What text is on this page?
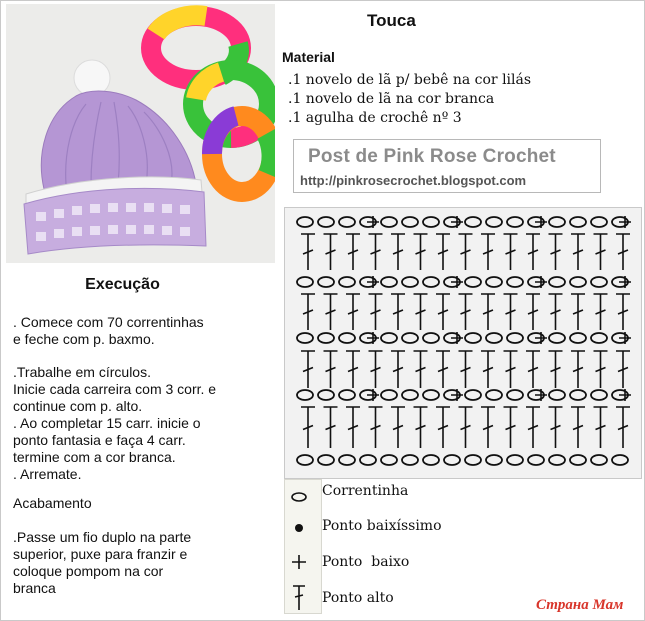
Touca
Material
.1 novelo de lã p/ bebê na cor lilás
.1 novelo de lã na cor branca
.1 agulha de crochê nº 3
Post de Pink Rose Crochet
http://pinkrosecrochet.blogspot.com
Execução
. Comece com 70 correntinhas
e feche com p. baxmo.
.Trabalhe em círculos.
Inicie cada carreira com 3 corr. e
continue com p. alto.
. Ao completar 15 carr. inicie o
ponto fantasia e faça 4 carr.
termine com a cor branca.
. Arremate.
Acabamento
.Passe um fio duplo na parte
superior, puxe para franzir e
coloque pompom na cor
branca
Correntinha
Ponto baixíssimo
Ponto  baixo
Ponto alto	Страна Мам
